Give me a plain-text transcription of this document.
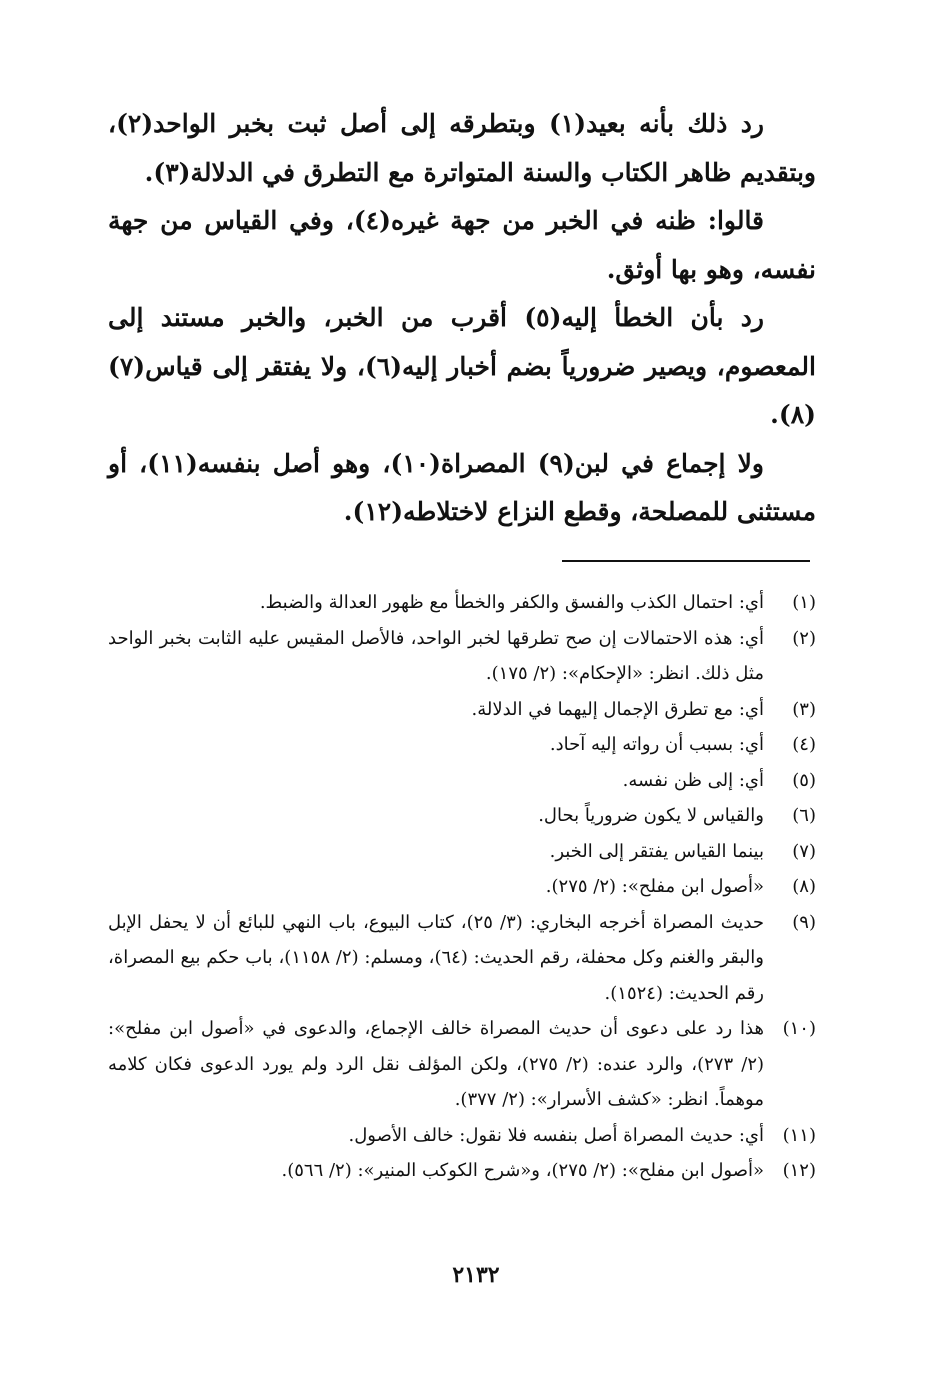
رد ذلك بأنه بعيد(١) وبتطرقه إلى أصل ثبت بخبر الواحد(٢)، وبتقديم ظاهر الكتاب والسنة المتواترة مع التطرق في الدلالة(٣).

قالوا: ظنه في الخبر من جهة غيره(٤)، وفي القياس من جهة نفسه، وهو بها أوثق.

رد بأن الخطأ إليه(٥) أقرب من الخبر، والخبر مستند إلى المعصوم، ويصير ضرورياً بضم أخبار إليه(٦)، ولا يفتقر إلى قياس(٧)(٨).

ولا إجماع في لبن(٩) المصراة(١٠)، وهو أصل بنفسه(١١)، أو مستثنى للمصلحة، وقطع النزاع لاختلاطه(١٢).

(١)
أي: احتمال الكذب والفسق والكفر والخطأ مع ظهور العدالة والضبط.
(٢)
أي: هذه الاحتمالات إن صح تطرقها لخبر الواحد، فالأصل المقيس عليه الثابت بخبر الواحد مثل ذلك. انظر: «الإحكام»: (٢/ ١٧٥).
(٣)
أي: مع تطرق الإجمال إليهما في الدلالة.
(٤)
أي: بسبب أن رواته إليه آحاد.
(٥)
أي: إلى ظن نفسه.
(٦)
والقياس لا يكون ضرورياً بحال.
(٧)
بينما القياس يفتقر إلى الخبر.
(٨)
«أصول ابن مفلح»: (٢/ ٢٧٥).
(٩)
حديث المصراة أخرجه البخاري: (٣/ ٢٥)، كتاب البيوع، باب النهي للبائع أن لا يحفل الإبل والبقر والغنم وكل محفلة، رقم الحديث: (٦٤)، ومسلم: (٢/ ١١٥٨)، باب حكم بيع المصراة، رقم الحديث: (١٥٢٤).
(١٠)
هذا رد على دعوى أن حديث المصراة خالف الإجماع، والدعوى في «أصول ابن مفلح»: (٢/ ٢٧٣)، والرد عنده: (٢/ ٢٧٥)، ولكن المؤلف نقل الرد ولم يورد الدعوى فكان كلامه موهماً. انظر: «كشف الأسرار»: (٢/ ٣٧٧).
(١١)
أي: حديث المصراة أصل بنفسه فلا نقول: خالف الأصول.
(١٢)
«أصول ابن مفلح»: (٢/ ٢٧٥)، و«شرح الكوكب المنير»: (٢/ ٥٦٦).
٢١٣٢
